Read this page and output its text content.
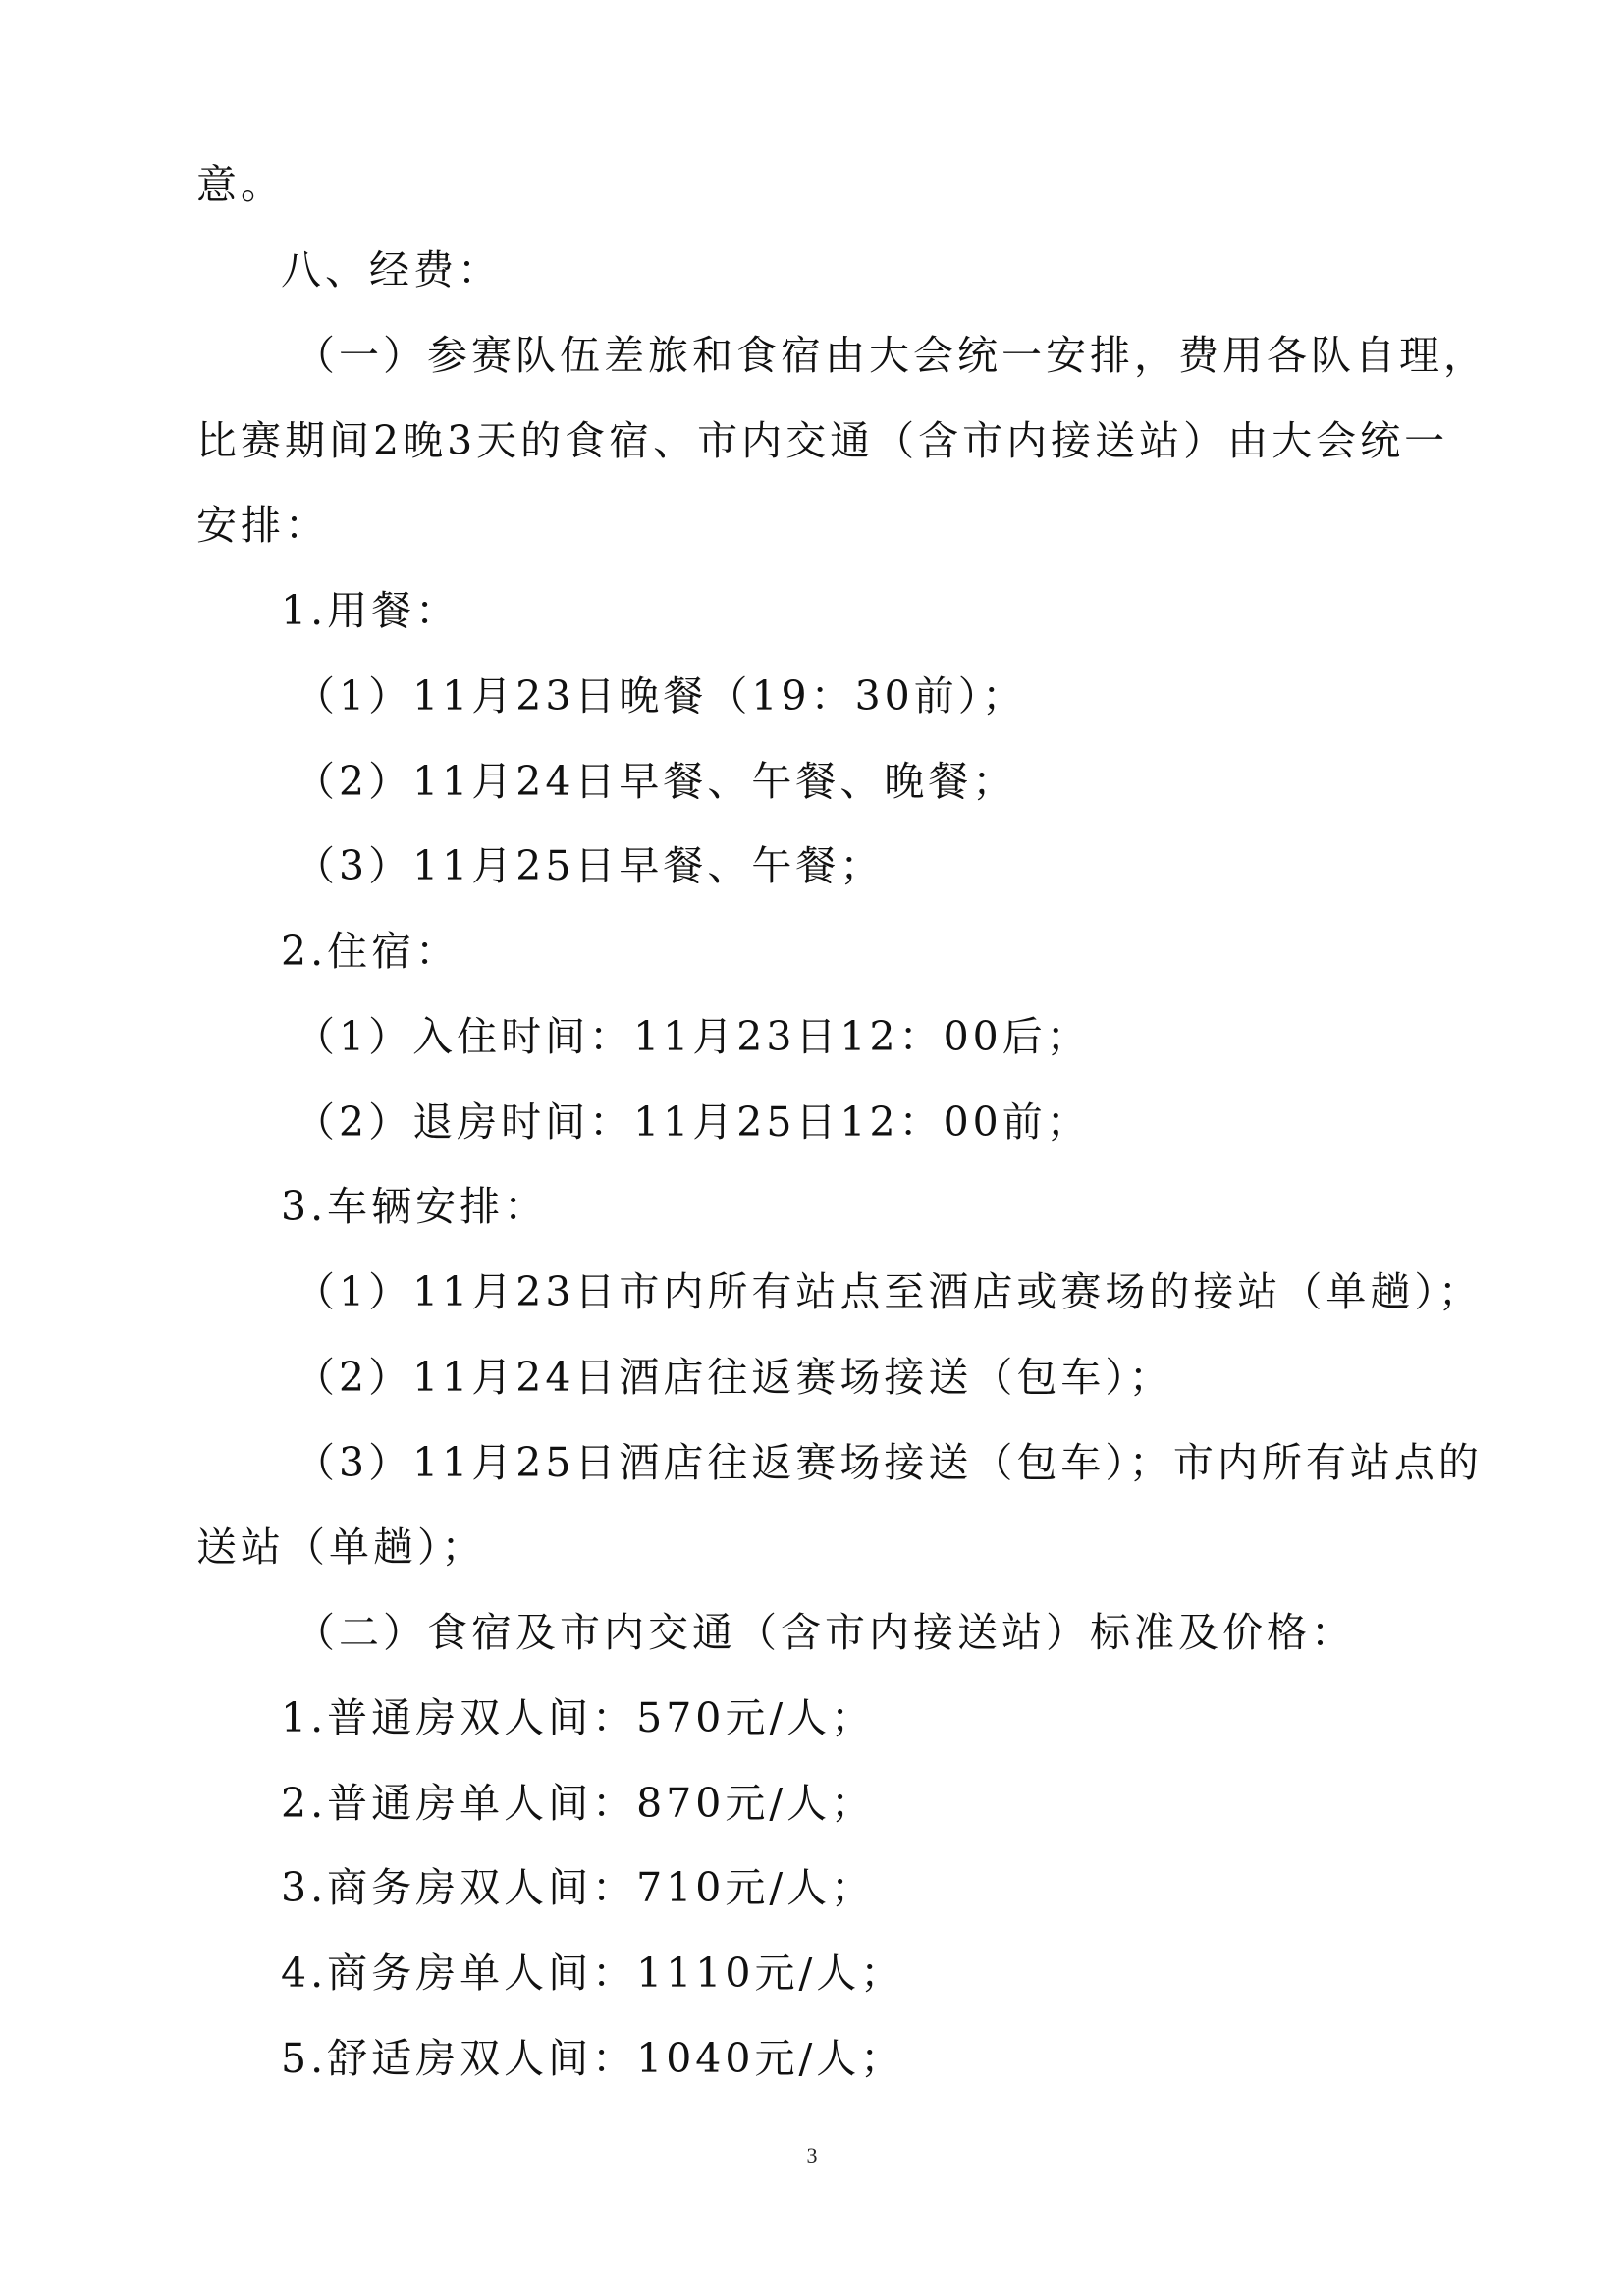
意。
八、经费：
（一）参赛队伍差旅和食宿由大会统一安排，费用各队自理，
比赛期间2晚3天的食宿、市内交通（含市内接送站）由大会统一
安排：
1.用餐：
（1）11月23日晚餐（19：30前）；
（2）11月24日早餐、午餐、晚餐；
（3）11月25日早餐、午餐；
2.住宿：
（1）入住时间：11月23日12：00后；
（2）退房时间：11月25日12：00前；
3.车辆安排：
（1）11月23日市内所有站点至酒店或赛场的接站（单趟）；
（2）11月24日酒店往返赛场接送（包车）；
（3）11月25日酒店往返赛场接送（包车）；市内所有站点的
送站（单趟）；
（二）食宿及市内交通（含市内接送站）标准及价格：
1.普通房双人间：570元/人；
2.普通房单人间：870元/人；
3.商务房双人间：710元/人；
4.商务房单人间：1110元/人；
5.舒适房双人间：1040元/人；
3
